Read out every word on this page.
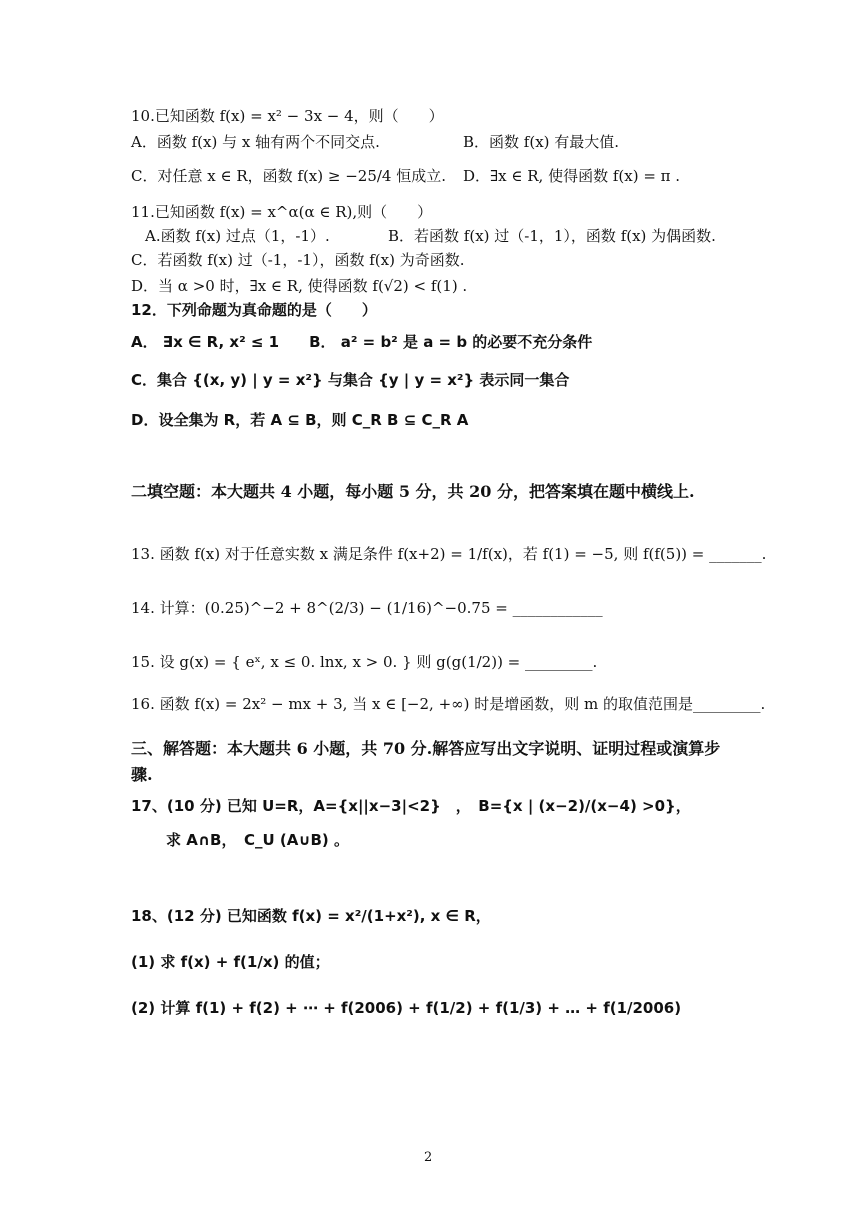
10.已知函数 f(x) = x² − 3x − 4，则（　　）
A．函数 f(x) 与 x 轴有两个不同交点.	B．函数 f(x) 有最大值.
C．对任意 x ∈ R，函数 f(x) ≥ −25/4 恒成立. D．∃x ∈ R, 使得函数 f(x) = π .
11.已知函数 f(x) = x^α(α ∈ R),则（　　）
A.函数 f(x) 过点（1，-1）.	B．若函数 f(x) 过（-1，1），函数 f(x) 为偶函数.
C．若函数 f(x) 过（-1，-1），函数 f(x) 为奇函数.
D．当 α >0 时，∃x ∈ R, 使得函数 f(√2) < f(1) .
12．下列命题为真命题的是（　　）
A． ∃x ∈ R, x² ≤ 1　　B． a² = b² 是 a = b 的必要不充分条件
C．集合 {(x, y) | y = x²} 与集合 {y | y = x²} 表示同一集合
D．设全集为 R，若 A ⊆ B，则 C_R B ⊆ C_R A
二填空题：本大题共 4 小题，每小题 5 分，共 20 分，把答案填在题中横线上.
13. 函数 f(x) 对于任意实数 x 满足条件 f(x+2) = 1/f(x)，若 f(1) = −5, 则 f(f(5)) = _______.
14. 计算：(0.25)^−2 + 8^(2/3) − (1/16)^−0.75 = ____________
15. 设 g(x) = { eˣ, x ≤ 0. lnx, x > 0. } 则 g(g(1/2)) = _________.
16. 函数 f(x) = 2x² − mx + 3, 当 x ∈ [−2, +∞) 时是增函数，则 m 的取值范围是_________.
三、解答题：本大题共 6 小题，共 70 分.解答应写出文字说明、证明过程或演算步骤.
17、(10 分) 已知 U=R，A={x||x−3|<2}　，　B={x | (x−2)/(x−4) >0}，
求 A∩B，　C_U (A∪B) 。
18、(12 分) 已知函数 f(x) = x²/(1+x²), x ∈ R，
(1) 求 f(x) + f(1/x) 的值；
(2) 计算 f(1) + f(2) + ⋯ + f(2006) + f(1/2) + f(1/3) + … + f(1/2006)
2
